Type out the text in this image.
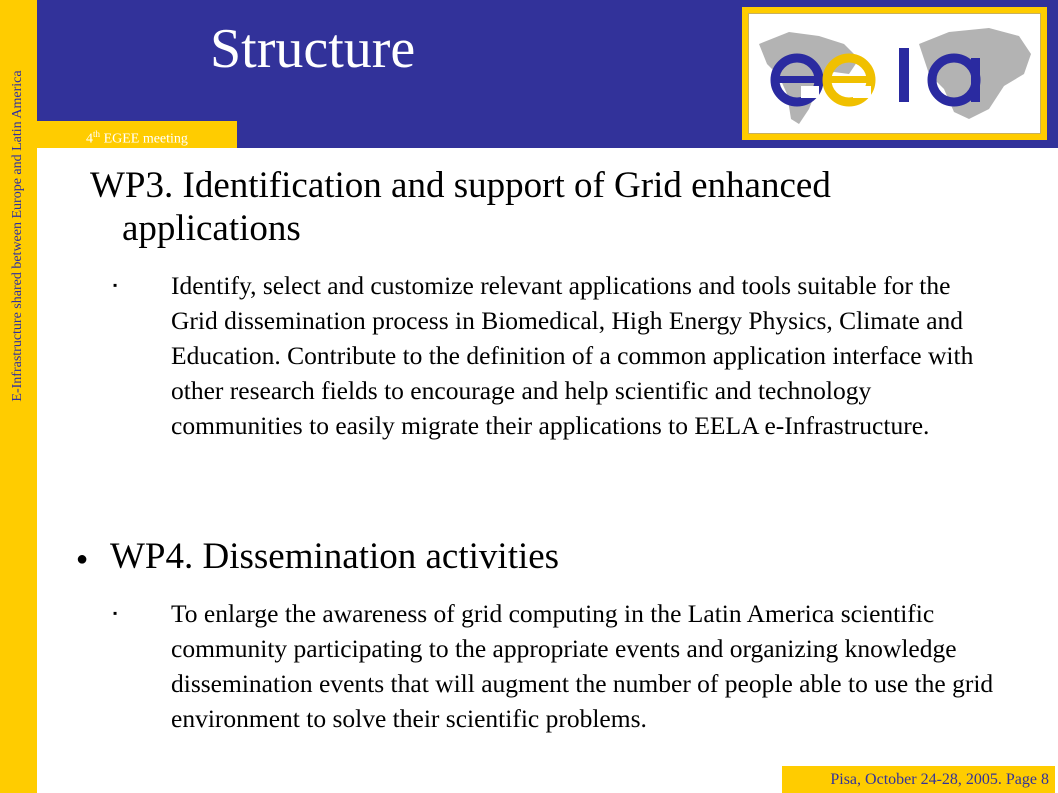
E-Infrastructure shared between Europe and Latin America
Structure
4th EGEE meeting
WP3. Identification and support of Grid enhanced
applications
▪	Identify, select and customize relevant applications and tools suitable for the Grid dissemination process in Biomedical, High Energy Physics, Climate and Education. Contribute to the definition of a common application interface with other research fields to encourage and help scientific and technology communities to easily migrate their applications to EELA e-Infrastructure.
● WP4. Dissemination activities
▪	To enlarge the awareness of grid computing in the Latin America scientific community participating to the appropriate events and organizing knowledge dissemination events that will augment the number of people able to use the grid environment to solve their scientific problems.
Pisa, October 24-28, 2005. Page 8
